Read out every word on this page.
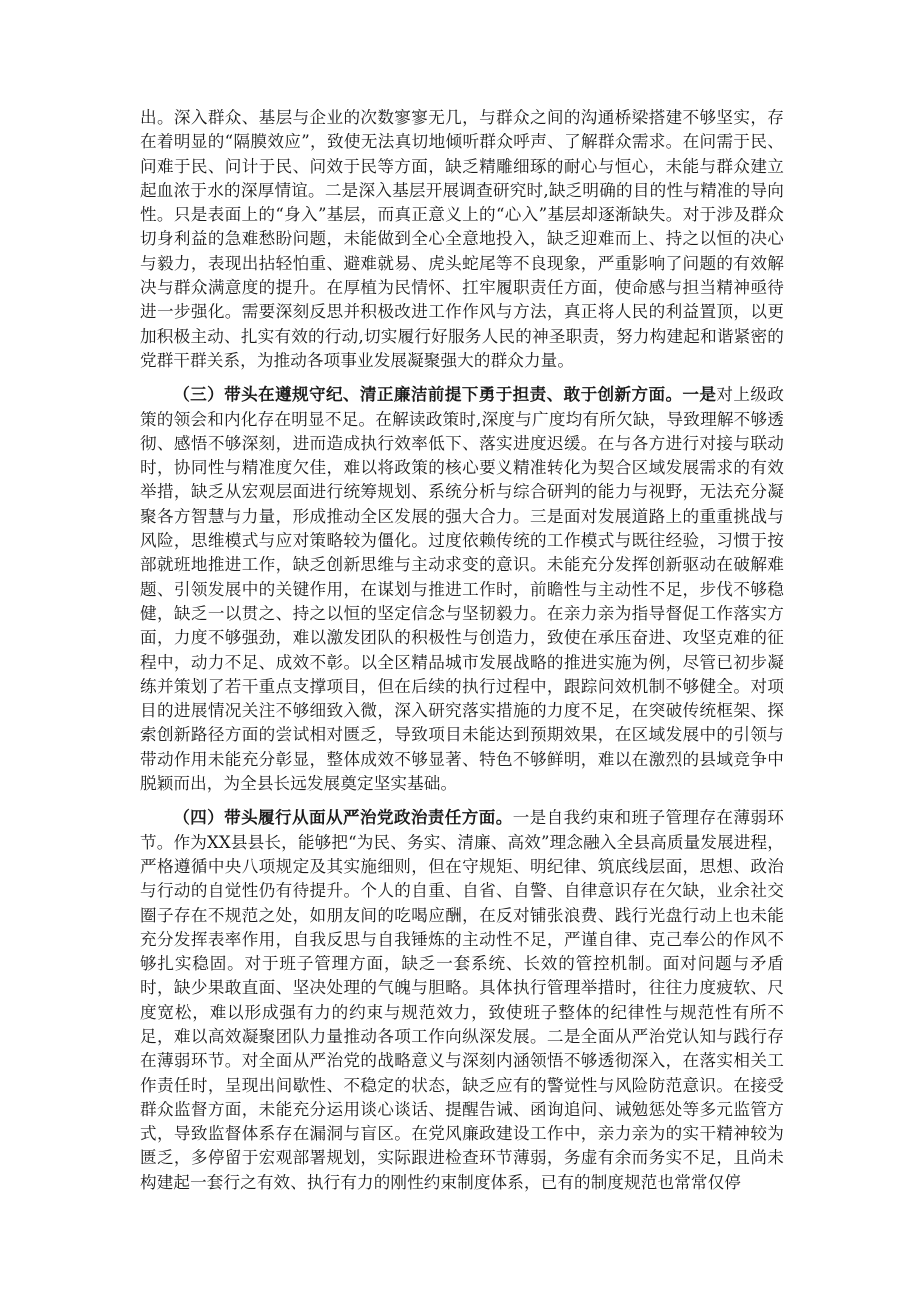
出。深入群众、基层与企业的次数寥寥无几，与群众之间的沟通桥梁搭建不够坚实，存在着明显的“隔膜效应”，致使无法真切地倾听群众呼声、了解群众需求。在问需于民、问难于民、问计于民、问效于民等方面，缺乏精雕细琢的耐心与恒心，未能与群众建立起血浓于水的深厚情谊。二是深入基层开展调查研究时,缺乏明确的目的性与精准的导向性。只是表面上的“身入”基层，而真正意义上的“心入”基层却逐渐缺失。对于涉及群众切身利益的急难愁盼问题，未能做到全心全意地投入，缺乏迎难而上、持之以恒的决心与毅力，表现出拈轻怕重、避难就易、虎头蛇尾等不良现象，严重影响了问题的有效解决与群众满意度的提升。在厚植为民情怀、扛牢履职责任方面，使命感与担当精神亟待进一步强化。需要深刻反思并积极改进工作作风与方法，真正将人民的利益置顶，以更加积极主动、扎实有效的行动,切实履行好服务人民的神圣职责，努力构建起和谐紧密的党群干群关系，为推动各项事业发展凝聚强大的群众力量。

（三）带头在遵规守纪、清正廉洁前提下勇于担责、敢于创新方面。一是对上级政策的领会和内化存在明显不足。在解读政策时,深度与广度均有所欠缺，导致理解不够透彻、感悟不够深刻，进而造成执行效率低下、落实进度迟缓。在与各方进行对接与联动时，协同性与精准度欠佳，难以将政策的核心要义精准转化为契合区域发展需求的有效举措，缺乏从宏观层面进行统筹规划、系统分析与综合研判的能力与视野，无法充分凝聚各方智慧与力量，形成推动全区发展的强大合力。三是面对发展道路上的重重挑战与风险，思维模式与应对策略较为僵化。过度依赖传统的工作模式与既往经验，习惯于按部就班地推进工作，缺乏创新思维与主动求变的意识。未能充分发挥创新驱动在破解难题、引领发展中的关键作用，在谋划与推进工作时，前瞻性与主动性不足，步伐不够稳健，缺乏一以贯之、持之以恒的坚定信念与坚韧毅力。在亲力亲为指导督促工作落实方面，力度不够强劲，难以激发团队的积极性与创造力，致使在承压奋进、攻坚克难的征程中，动力不足、成效不彰。以全区精品城市发展战略的推进实施为例，尽管已初步凝练并策划了若干重点支撑项目，但在后续的执行过程中，跟踪问效机制不够健全。对项目的进展情况关注不够细致入微，深入研究落实措施的力度不足，在突破传统框架、探索创新路径方面的尝试相对匮乏，导致项目未能达到预期效果，在区域发展中的引领与带动作用未能充分彰显，整体成效不够显著、特色不够鲜明，难以在激烈的县域竞争中脱颖而出，为全县长远发展奠定坚实基础。

（四）带头履行从面从严治党政治责任方面。一是自我约束和班子管理存在薄弱环节。作为XX县县长，能够把“为民、务实、清廉、高效”理念融入全县高质量发展进程，严格遵循中央八项规定及其实施细则，但在守规矩、明纪律、筑底线层面，思想、政治与行动的自觉性仍有待提升。个人的自重、自省、自警、自律意识存在欠缺，业余社交圈子存在不规范之处，如朋友间的吃喝应酬，在反对铺张浪费、践行光盘行动上也未能充分发挥表率作用，自我反思与自我锤炼的主动性不足，严谨自律、克己奉公的作风不够扎实稳固。对于班子管理方面，缺乏一套系统、长效的管控机制。面对问题与矛盾时，缺少果敢直面、坚决处理的气魄与胆略。具体执行管理举措时，往往力度疲软、尺度宽松，难以形成强有力的约束与规范效力，致使班子整体的纪律性与规范性有所不足，难以高效凝聚团队力量推动各项工作向纵深发展。二是全面从严治党认知与践行存在薄弱环节。对全面从严治党的战略意义与深刻内涵领悟不够透彻深入，在落实相关工作责任时，呈现出间歇性、不稳定的状态，缺乏应有的警觉性与风险防范意识。在接受群众监督方面，未能充分运用谈心谈话、提醒告诫、函询追问、诫勉惩处等多元监管方式，导致监督体系存在漏洞与盲区。在党风廉政建设工作中，亲力亲为的实干精神较为匮乏，多停留于宏观部署规划，实际跟进检查环节薄弱，务虚有余而务实不足，且尚未构建起一套行之有效、执行有力的刚性约束制度体系，已有的制度规范也常常仅停
